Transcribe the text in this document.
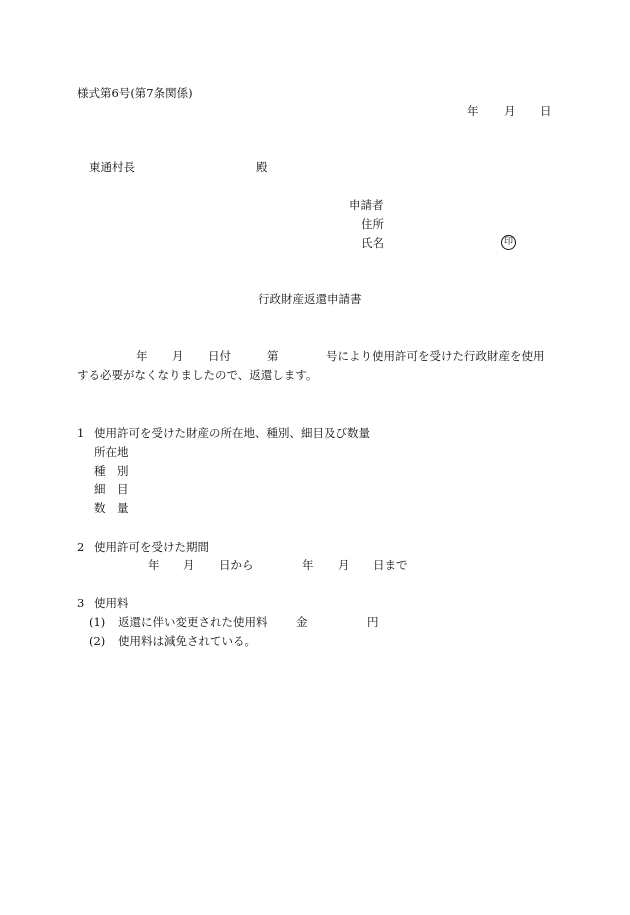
様式第6号(第7条関係)
年 月 日
東通村長	殿
申請者
住所
氏名	印
行政財産返還申請書
年 月 日付	第	号により使用許可を受けた行政財産を使用
する必要がなくなりましたので、返還します。
1 使用許可を受けた財産の所在地、種別、細目及び数量
所在地
種　別
細　目
数　量
2 使用許可を受けた期間
年 月 日から	年 月 日まで
3 使用料
(1) 返還に伴い変更された使用料 金	円
(2) 使用料は減免されている。
